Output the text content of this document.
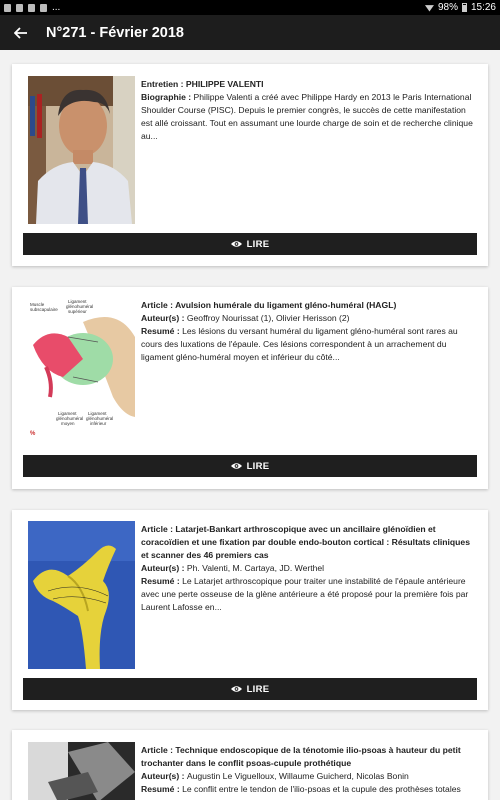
...	98% 15:26
N°271 - Février 2018
Entretien : PHILIPPE VALENTI
Biographie : Philippe Valenti a créé avec Philippe Hardy en 2013 le Paris International Shoulder Course (PISC). Depuis le premier congrès, le succès de cette manifestation est allé croissant. Tout en assumant une lourde charge de soin et de recherche clinique au...
LIRE
Muscle
subscapulaire
Ligament
glénohuméral
supérieur
Ligament
glénohuméral
moyen
Ligament
glénohuméral
inférieur
%
Article : Avulsion humérale du ligament gléno-huméral (HAGL)
Auteur(s) : Geoffroy Nourissat (1), Olivier Herisson (2)
Resumé : Les lésions du versant huméral du ligament gléno-huméral sont rares au cours des luxations de l'épaule. Ces lésions correspondent à un arrachement du ligament gléno-huméral moyen et inférieur du côté...
LIRE
Article : Latarjet-Bankart arthroscopique avec un ancillaire glénoïdien et coracoïdien et une fixation par double endo-bouton cortical : Résultats cliniques et scanner des 46 premiers cas
Auteur(s) : Ph. Valenti, M. Cartaya, JD. Werthel
Resumé : Le Latarjet arthroscopique pour traiter une instabilité de l'épaule antérieure avec une perte osseuse de la glène antérieure a été proposé pour la première fois par Laurent Lafosse en...
LIRE
Article : Technique endoscopique de la ténotomie ilio-psoas à hauteur du petit trochanter dans le conflit psoas-cupule prothétique
Auteur(s) : Augustin Le Viguelloux, Willaume Guicherd, Nicolas Bonin
Resumé : Le conflit entre le tendon de l'ilio-psoas et la cupule des prothèses totales
